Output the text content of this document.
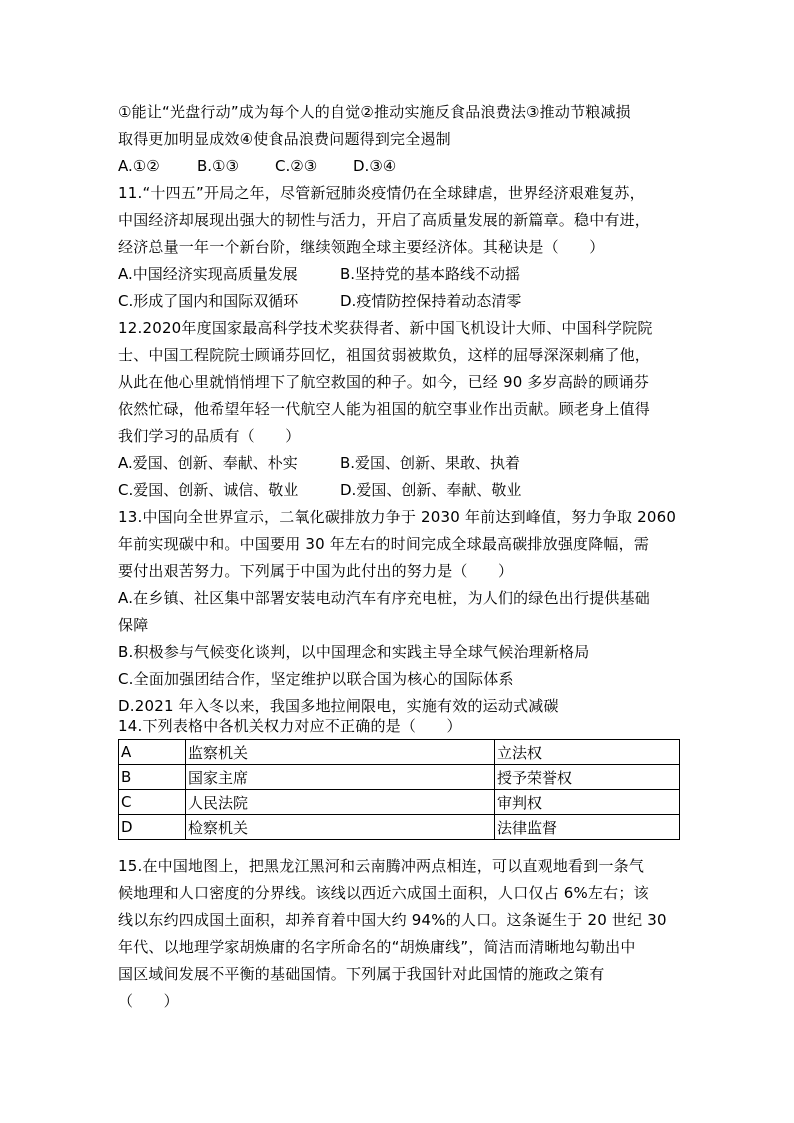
①能让“光盘行动”成为每个人的自觉②推动实施反食品浪费法③推动节粮减损
取得更加明显成效④使食品浪费问题得到完全遏制
A.①② B.①③ C.②③ D.③④
11.“十四五”开局之年，尽管新冠肺炎疫情仍在全球肆虐，世界经济艰难复苏，
中国经济却展现出强大的韧性与活力，开启了高质量发展的新篇章。稳中有进，
经济总量一年一个新台阶，继续领跑全球主要经济体。其秘诀是（　　）
A.中国经济实现高质量发展	B.坚持党的基本路线不动摇
C.形成了国内和国际双循环	D.疫情防控保持着动态清零
12.2020年度国家最高科学技术奖获得者、新中国飞机设计大师、中国科学院院
士、中国工程院院士顾诵芬回忆，祖国贫弱被欺负，这样的屈辱深深刺痛了他，
从此在他心里就悄悄埋下了航空救国的种子。如今，已经 90 多岁高龄的顾诵芬
依然忙碌，他希望年轻一代航空人能为祖国的航空事业作出贡献。顾老身上值得
我们学习的品质有（　　）
A.爱国、创新、奉献、朴实	B.爱国、创新、果敢、执着
C.爱国、创新、诚信、敬业	D.爱国、创新、奉献、敬业
13.中国向全世界宣示，二氧化碳排放力争于 2030 年前达到峰值，努力争取 2060
年前实现碳中和。中国要用 30 年左右的时间完成全球最高碳排放强度降幅，需
要付出艰苦努力。下列属于中国为此付出的努力是（　　）
A.在乡镇、社区集中部署安装电动汽车有序充电桩，为人们的绿色出行提供基础
保障
B.积极参与气候变化谈判，以中国理念和实践主导全球气候治理新格局
C.全面加强团结合作，坚定维护以联合国为核心的国际体系
D.2021 年入冬以来，我国多地拉闸限电，实施有效的运动式减碳
14.下列表格中各机关权力对应不正确的是（　　）
A	监察机关	立法权
B	国家主席	授予荣誉权
C	人民法院	审判权
D	检察机关	法律监督
15.在中国地图上，把黑龙江黑河和云南腾冲两点相连，可以直观地看到一条气
候地理和人口密度的分界线。该线以西近六成国土面积，人口仅占 6%左右；该
线以东约四成国土面积，却养育着中国大约 94%的人口。这条诞生于 20 世纪 30
年代、以地理学家胡焕庸的名字所命名的“胡焕庸线”，简洁而清晰地勾勒出中
国区域间发展不平衡的基础国情。下列属于我国针对此国情的施政之策有
（　　）
